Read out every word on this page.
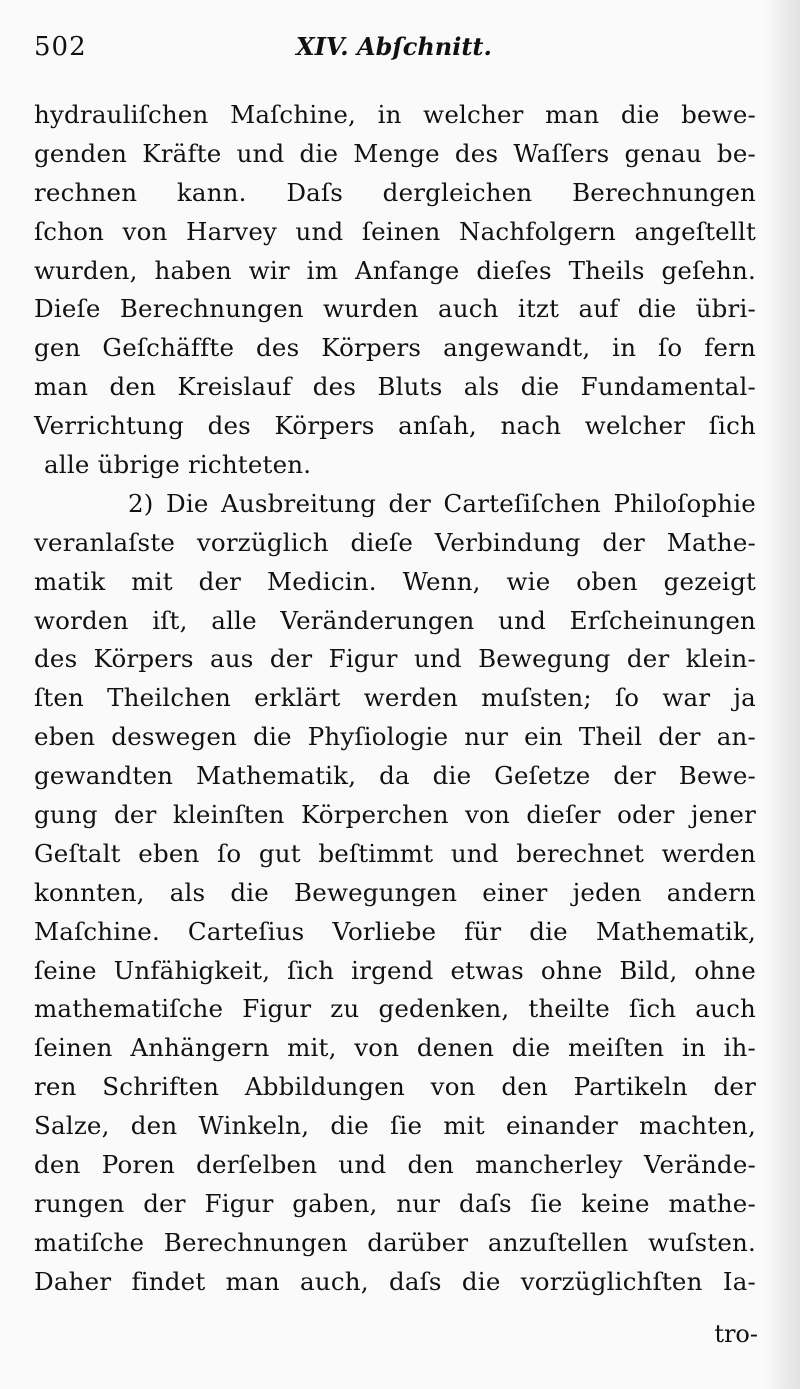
502	XIV. Abſchnitt.
hydrauliſchen Maſchine, in welcher man die bewe-
genden Kräfte und die Menge des Waſſers genau be-
rechnen kann. Daſs dergleichen Berechnungen
ſchon von Harvey und ſeinen Nachfolgern angeſtellt
wurden, haben wir im Anfange dieſes Theils geſehn.
Dieſe Berechnungen wurden auch itzt auf die übri-
gen Geſchäffte des Körpers angewandt, in ſo fern
man den Kreislauf des Bluts als die Fundamental-
Verrichtung des Körpers anſah, nach welcher ſich
alle übrige richteten.
2) Die Ausbreitung der Carteſiſchen Philoſophie
veranlaſste vorzüglich dieſe Verbindung der Mathe-
matik mit der Medicin. Wenn, wie oben gezeigt
worden iſt, alle Veränderungen und Erſcheinungen
des Körpers aus der Figur und Bewegung der klein-
ſten Theilchen erklärt werden muſsten; ſo war ja
eben deswegen die Phyſiologie nur ein Theil der an-
gewandten Mathematik, da die Geſetze der Bewe-
gung der kleinſten Körperchen von dieſer oder jener
Geſtalt eben ſo gut beſtimmt und berechnet werden
konnten, als die Bewegungen einer jeden andern
Maſchine. Carteſius Vorliebe für die Mathematik,
ſeine Unfähigkeit, ſich irgend etwas ohne Bild, ohne
mathematiſche Figur zu gedenken, theilte ſich auch
ſeinen Anhängern mit, von denen die meiſten in ih-
ren Schriften Abbildungen von den Partikeln der
Salze, den Winkeln, die ſie mit einander machten,
den Poren derſelben und den mancherley Verände-
rungen der Figur gaben, nur daſs ſie keine mathe-
matiſche Berechnungen darüber anzuſtellen wuſsten.
Daher findet man auch, daſs die vorzüglichſten Ia-
tro-
